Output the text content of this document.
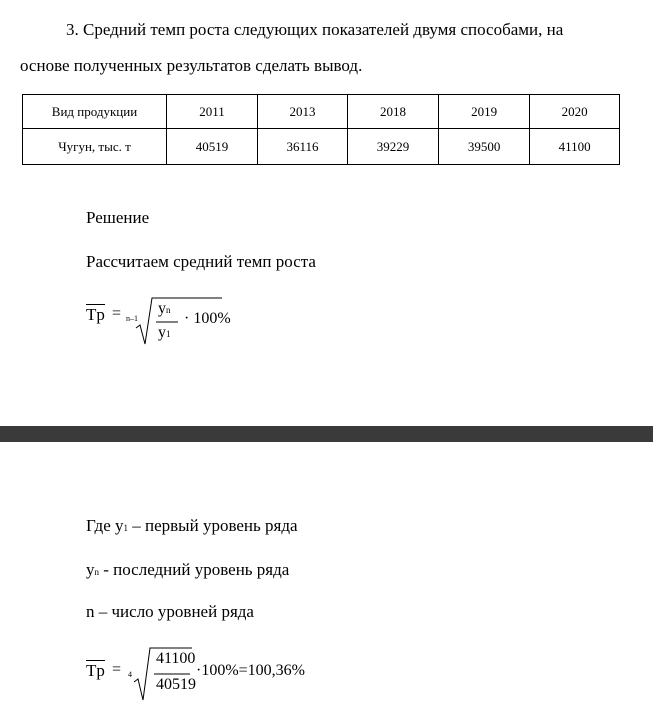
3. Средний темп роста следующих показателей двумя способами, на
основе полученных результатов сделать вывод.
Вид продукции	2011	2013	2018	2019	2020
Чугун, тыс. т	40519	36116	39229	39500	41100
Решение
Рассчитаем средний темп роста
Tp = n–1
yn
y1
· 100%
Где у1 – первый уровень ряда
уn - последний уровень ряда
n – число уровней ряда
Tp = 4
41100
40519
·100%=100,36%
